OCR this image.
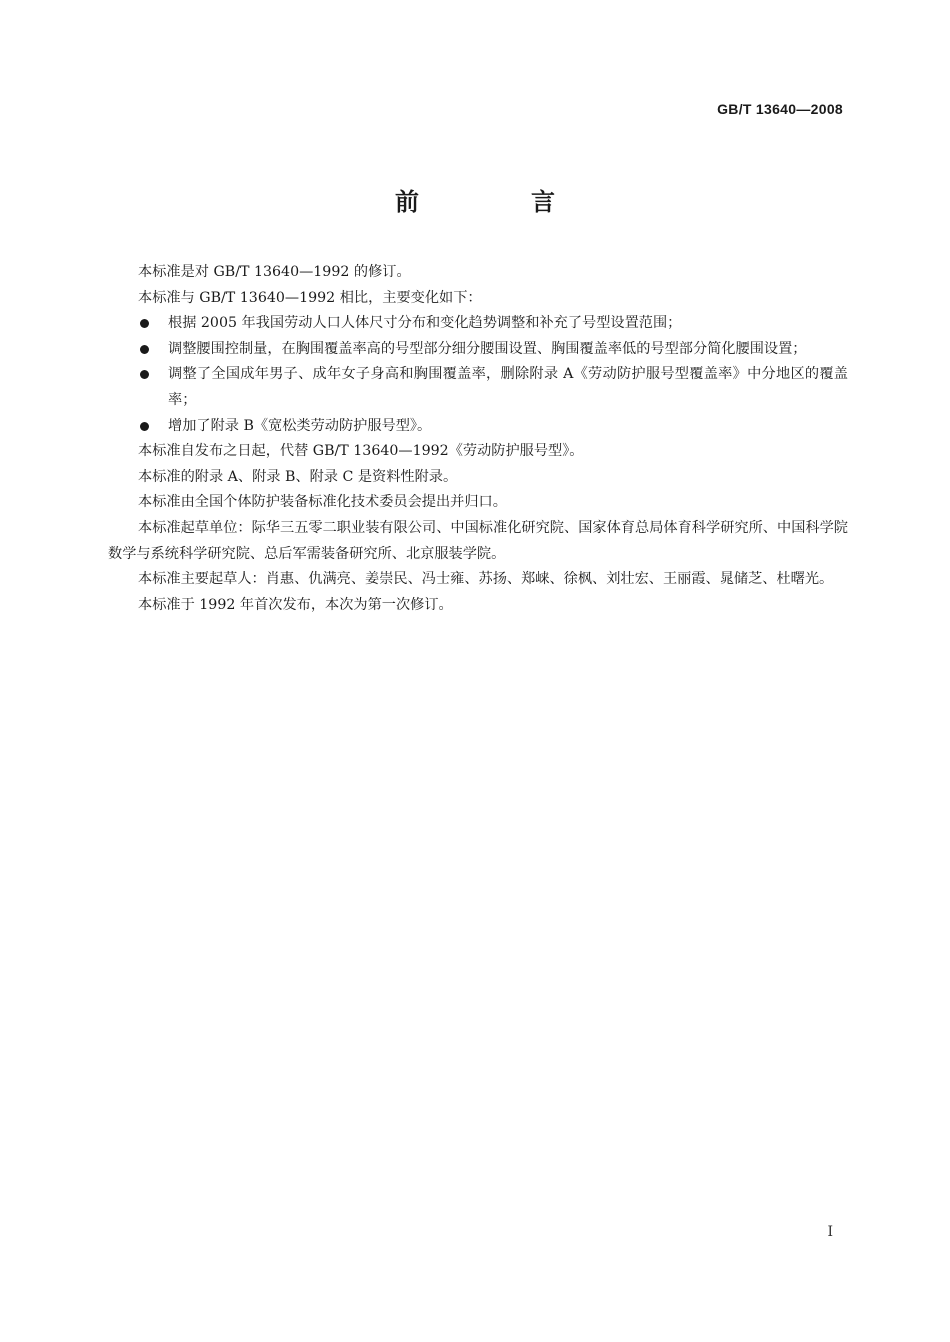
GB/T 13640—2008
前　言

本标准是对 GB/T 13640—1992 的修订。

本标准与 GB/T 13640—1992 相比，主要变化如下：

根据 2005 年我国劳动人口人体尺寸分布和变化趋势调整和补充了号型设置范围；
调整腰围控制量，在胸围覆盖率高的号型部分细分腰围设置、胸围覆盖率低的号型部分简化腰围设置；
调整了全国成年男子、成年女子身高和胸围覆盖率，删除附录 A《劳动防护服号型覆盖率》中分地区的覆盖率；
增加了附录 B《宽松类劳动防护服号型》。

本标准自发布之日起，代替 GB/T 13640—1992《劳动防护服号型》。

本标准的附录 A、附录 B、附录 C 是资料性附录。

本标准由全国个体防护装备标准化技术委员会提出并归口。

本标准起草单位：际华三五零二职业装有限公司、中国标准化研究院、国家体育总局体育科学研究所、中国科学院数学与系统科学研究院、总后军需装备研究所、北京服装学院。

本标准主要起草人：肖惠、仇满亮、姜崇民、冯士雍、苏扬、郑崃、徐枫、刘壮宏、王丽霞、晁储芝、杜曙光。

本标准于 1992 年首次发布，本次为第一次修订。

I
